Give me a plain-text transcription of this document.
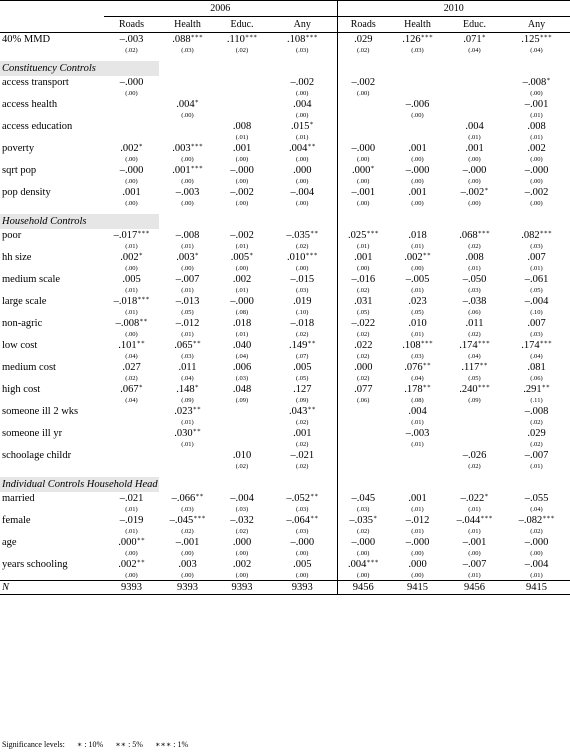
	2006				2010			
	Roads	Health	Educ.	Any	Roads	Health	Educ.	Any
40% MMD	–.003	.088∗∗∗	.110∗∗∗	.108∗∗∗	.029	.126∗∗∗	.071∗	.125∗∗∗
	(.02)	(.03)	(.02)	(.03)	(.02)	(.03)	(.04)	(.04)

Constituency Controls								
access transport	–.000			–.002	–.002			–.008∗
	(.00)			(.00)	(.00)			(.00)
access health		.004∗		.004		–.006		–.001
		(.00)		(.00)		(.00)		(.01)
access education			.008	.015∗			.004	.008
			(.01)	(.01)			(.01)	(.01)
poverty	.002∗	.003∗∗∗	.001	.004∗∗	–.000	.001	.001	.002
	(.00)	(.00)	(.00)	(.00)	(.00)	(.00)	(.00)	(.00)
sqrt pop	–.000	.001∗∗∗	–.000	.000	.000∗	–.000	–.000	–.000
	(.00)	(.00)	(.00)	(.00)	(.00)	(.00)	(.00)	(.00)
pop density	.001	–.003	–.002	–.004	–.001	.001	–.002∗	–.002
	(.00)	(.00)	(.00)	(.00)	(.00)	(.00)	(.00)	(.00)

Household Controls								
poor	–.017∗∗∗	–.008	–.002	–.035∗∗	.025∗∗∗	.018	.068∗∗∗	.082∗∗∗
	(.01)	(.01)	(.01)	(.02)	(.01)	(.01)	(.02)	(.03)
hh size	.002∗	.003∗	.005∗	.010∗∗∗	.001	.002∗∗	.008	.007
	(.00)	(.00)	(.00)	(.00)	(.00)	(.00)	(.01)	(.01)
medium scale	.005	–.007	.002	–.015	–.016	–.005	–.050	–.061
	(.01)	(.01)	(.01)	(.03)	(.02)	(.01)	(.03)	(.05)
large scale	–.018∗∗∗	–.013	–.000	.019	.031	.023	–.038	–.004
	(.01)	(.05)	(.08)	(.10)	(.05)	(.05)	(.06)	(.10)
non-agric	–.008∗∗	–.012	.018	–.018	–.022	.010	.011	.007
	(.00)	(.01)	(.01)	(.02)	(.02)	(.01)	(.02)	(.03)
low cost	.101∗∗	.065∗∗	.040	.149∗∗	.022	.108∗∗∗	.174∗∗∗	.174∗∗∗
	(.04)	(.03)	(.04)	(.07)	(.02)	(.03)	(.04)	(.04)
medium cost	.027	.011	.006	.005	.000	.076∗∗	.117∗∗	.081
	(.02)	(.04)	(.03)	(.05)	(.02)	(.04)	(.05)	(.06)
high cost	.067∗	.148∗	.048	.127	.077	.178∗∗	.240∗∗∗	.291∗∗
	(.04)	(.09)	(.09)	(.09)	(.06)	(.08)	(.09)	(.11)
someone ill 2 wks		.023∗∗		.043∗∗		.004		–.008
		(.01)		(.02)		(.01)		(.02)
someone ill yr		.030∗∗		.001		–.003		.029
		(.01)		(.02)		(.01)		(.02)
schoolage childr			.010	–.021			–.026	–.007
			(.02)	(.02)			(.02)	(.01)

Individual Controls Household Head								
married	–.021	–.066∗∗	–.004	–.052∗∗	–.045	.001	–.022∗	–.055
	(.01)	(.03)	(.03)	(.03)	(.03)	(.01)	(.01)	(.04)
female	–.019	–.045∗∗∗	–.032	–.064∗∗	–.035∗	–.012	–.044∗∗∗	–.082∗∗∗
	(.01)	(.02)	(.02)	(.03)	(.02)	(.01)	(.01)	(.02)
age	.000∗∗	–.001	.000	–.000	–.000	–.000	–.001	–.000
	(.00)	(.00)	(.00)	(.00)	(.00)	(.00)	(.00)	(.00)
years schooling	.002∗∗	.003	.002	.005	.004∗∗∗	.000	–.007	–.004
	(.00)	(.00)	(.00)	(.00)	(.00)	(.00)	(.01)	(.01)
N	9393	9393	9393	9393	9456	9415	9456	9415
Significance levels: ∗ : 10% ∗∗ : 5% ∗∗∗ : 1%
